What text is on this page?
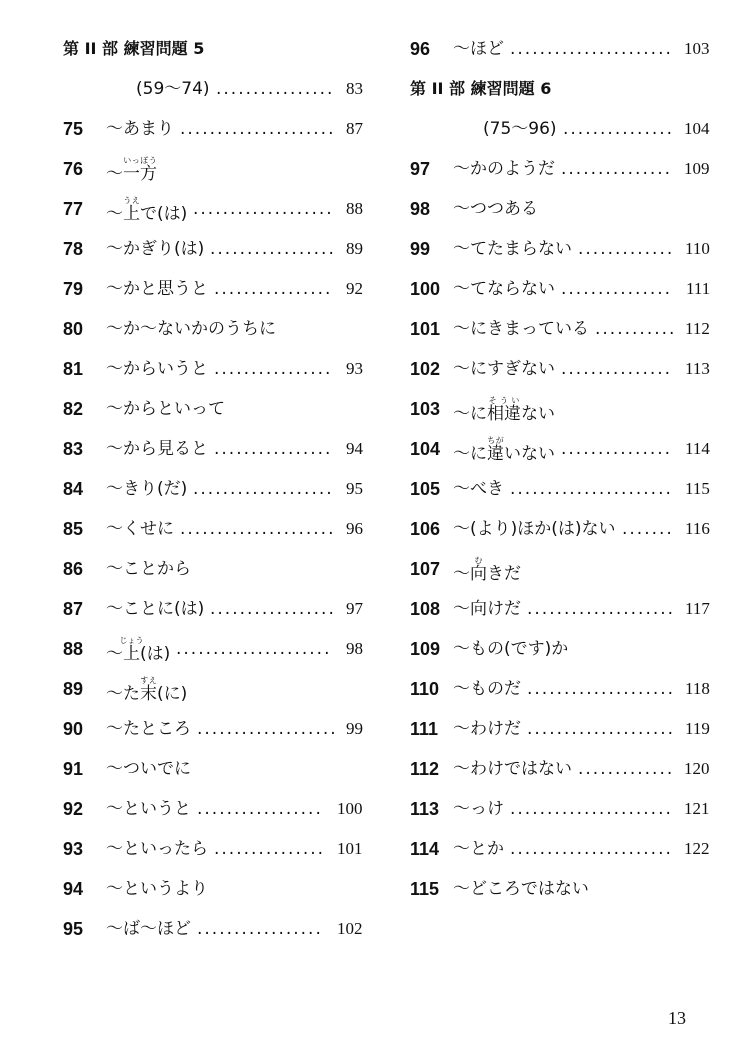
第 II 部 練習問題 5
(59〜74) ................ 83
75 〜あまり ..................... 87
76 〜一方いっぽう
77 〜上うえで(は) ................... 88
78 〜かぎり(は) ................. 89
79 〜かと思うと ................ 92
80 〜か〜ないかのうちに
81 〜からいうと ................ 93
82 〜からといって
83 〜から見ると ................ 94
84 〜きり(だ) ................... 95
85 〜くせに ..................... 96
86 〜ことから
87 〜ことに(は) ................. 97
88 〜上じょう(は) ..................... 98
89 〜た末すえ(に)
90 〜たところ ................... 99
91 〜ついでに
92 〜というと ................. 100
93 〜といったら ............... 101
94 〜というより
95 〜ば〜ほど ................. 102
96 〜ほど ...................... 103
第 II 部 練習問題 6
(75〜96) ............... 104
97 〜かのようだ ............... 109
98 〜つつある
99 〜てたまらない ............. 110
100 〜てならない ............... 111
101 〜にきまっている ........... 112
102 〜にすぎない ............... 113
103 〜に相違そういない
104 〜に違ちがいない ............... 114
105 〜べき ...................... 115
106 〜(より)ほか(は)ない ....... 116
107 〜向むきだ
108 〜向けだ .................... 117
109 〜もの(です)か
110 〜ものだ .................... 118
111 〜わけだ .................... 119
112 〜わけではない ............. 120
113 〜っけ ...................... 121
114 〜とか ...................... 122
115 〜どころではない
13
